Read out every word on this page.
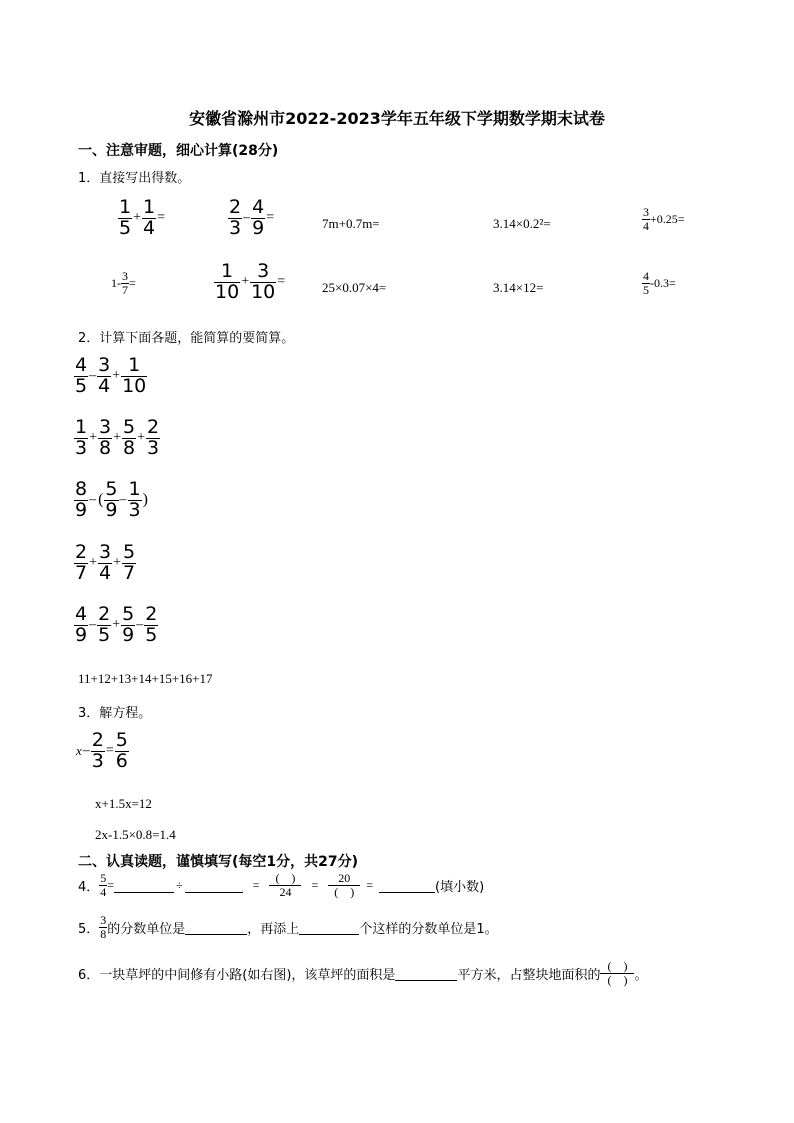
安徽省滁州市2022-2023学年五年级下学期数学期末试卷
一、注意审题，细心计算(28分)
1．直接写出得数。
$\frac{1}{5} + \frac{1}{4}$ =	$\frac{2}{3} - \frac{4}{9}$ =	7m+0.7m=	3.14×0.2²=	$\frac{3}{4} +0.25=$
$1- \frac{3}{7}$ =	$\frac{1}{10} + \frac{3}{10}$ =	25×0.07×4=	3.14×12=	$\frac{4}{5} -0.3=$
2．计算下面各题，能简算的要简算。
$\frac{4}{5} - \frac{3}{4} + \frac{1}{10}$
$\frac{1}{3} + \frac{3}{8} + \frac{5}{8} + \frac{2}{3}$
$\frac{8}{9}$ – ( $\frac{5}{9} - \frac{1}{3}$ )
$\frac{2}{7} + \frac{3}{4} + \frac{5}{7}$
$\frac{4}{9} - \frac{2}{5} + \frac{5}{9} - \frac{2}{5}$
11+12+13+14+15+16+17
3．解方程。
$x - \frac{2}{3} = \frac{5}{6}$
x+1.5x=12
2x-1.5×0.8=1.4
二、认真读题，谨慎填写(每空1分，共27分)
4． $\frac{5}{4}$ =	÷	= $\frac{( )}{24} = \frac{20}{( )}$ =	(填小数)
5． $\frac{3}{8}$ 的分数单位是	，再添上	个这样的分数单位是1。
6． 一块草坪的中间修有小路(如右图)，该草坪的面积是	平方米，占整块地面积的 $\frac{( )}{( )}$ 。
